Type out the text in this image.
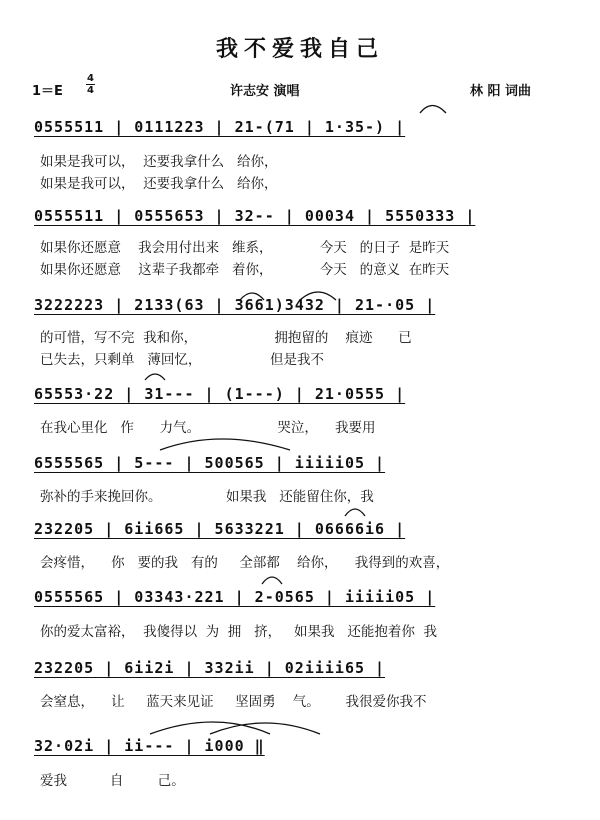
我不爱我自己
1＝E
4
4	许志安 演唱	林 阳 词曲
0555511 | 0111223 | 21-(71 | 1·35-) |
如果是我可以，  还要我拿什么   给你，
如果是我可以，  还要我拿什么   给你，
0555511 | 0555653 | 32-- | 00034 | 5550333 |
如果你还愿意    我会用付出来   维系，           今天   的日子  是昨天
如果你还愿意    这辈子我都牵   着你，           今天   的意义  在昨天
3222223 | 2133(63 | 3661)3432 | 21-·05 |
的可惜，写不完  我和你，                  拥抱留的    痕迹      已
已失去，只剩单   薄回忆，                但是我不
65553·22 | 31--- | (1---) | 21·0555 |
在我心里化   作      力气。                  哭泣，    我要用
6555565 | 5--- | 500565 | iiiii05 |
弥补的手来挽回你。               如果我   还能留住你，我
232205 | 6ii665 | 5633221 | 06666i6 |
会疼惜，    你   要的我   有的     全部都    给你，    我得到的欢喜，
0555565 | 03343·221 | 2-0565 | iiiii05 |
你的爱太富裕，  我傻得以  为  拥   挤，   如果我   还能抱着你  我
232205 | 6ii2i | 332ii | 02iiii65 |
会窒息，    让     蓝天来见证     坚固勇    气。      我很爱你我不
32·02i | ii--- | i000 ‖
爱我          自        己。
